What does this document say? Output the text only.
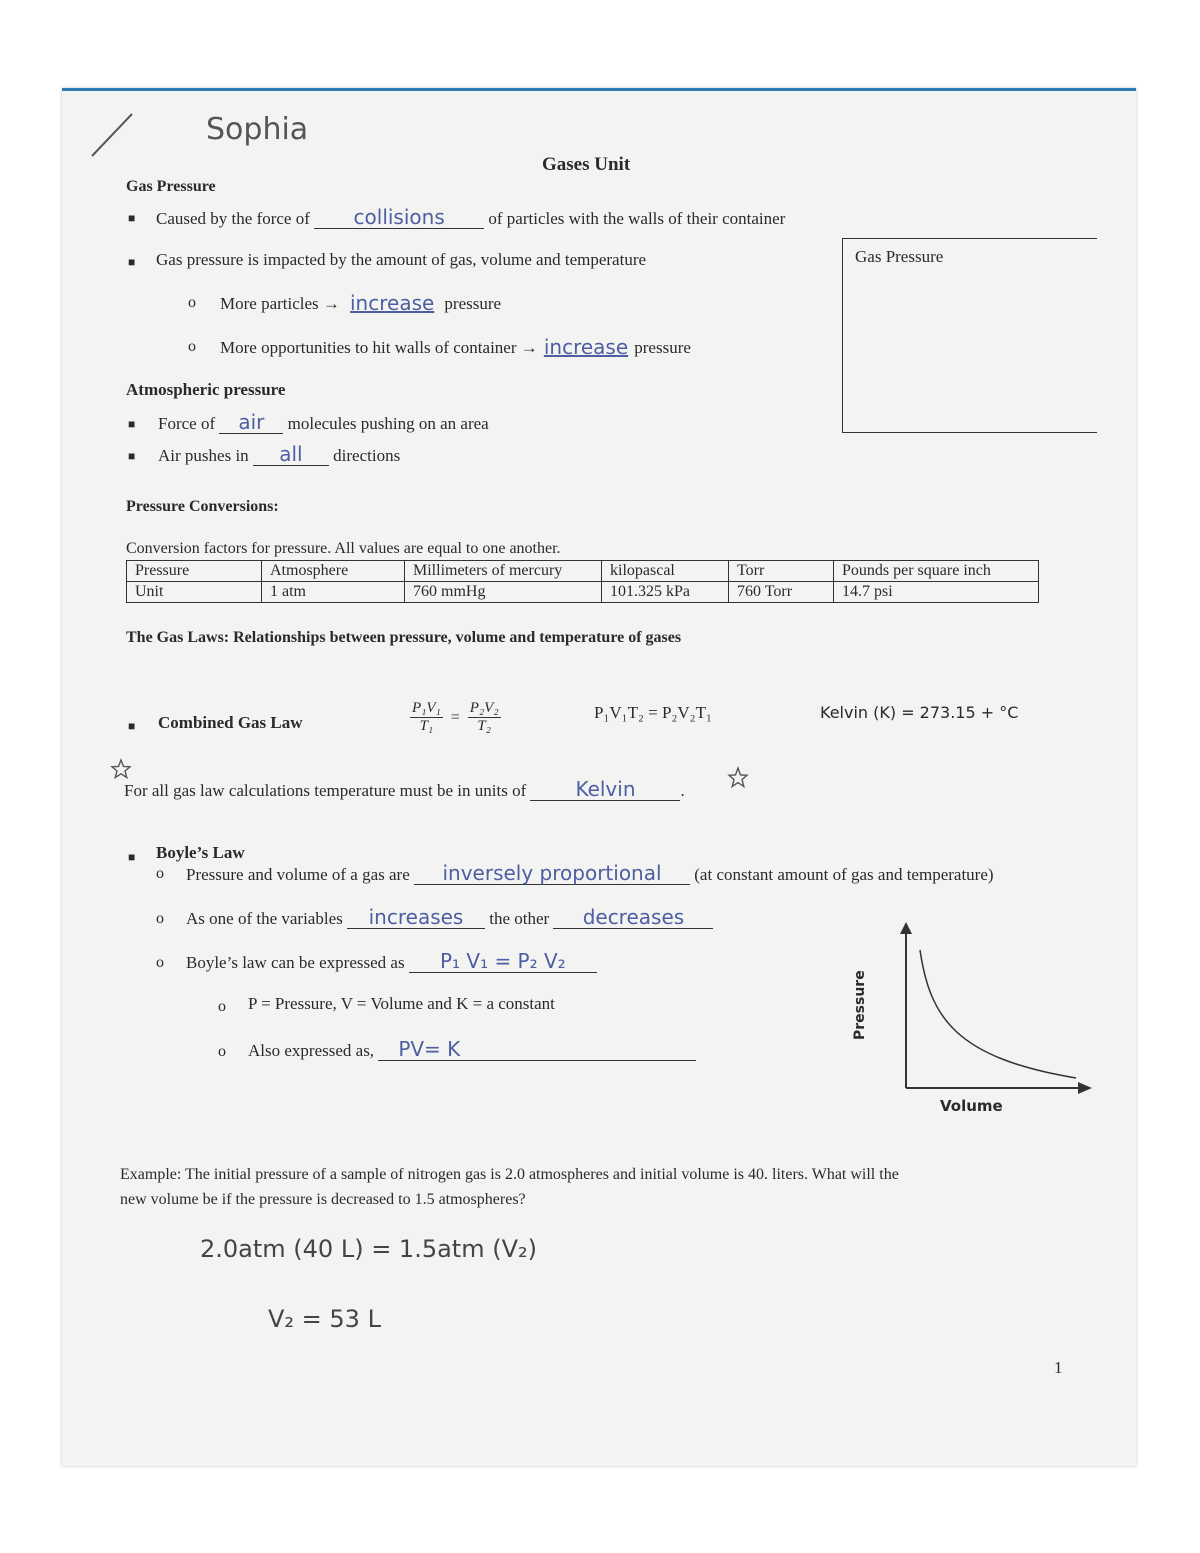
Sophia
Gases Unit
Gas Pressure
■ Caused by the force of collisions	of particles with the walls of their container
■ Gas pressure is impacted by the amount of gas, volume and temperature
o More particles → increase pressure
o More opportunities to hit walls of container → increase pressure
Gas Pressure
Atmospheric pressure
■ Force of air molecules pushing on an area
■ Air pushes in all directions
Pressure Conversions:
Conversion factors for pressure. All values are equal to one another.
Pressure	Atmosphere	Millimeters of mercury	kilopascal	Torr	Pounds per square inch
Unit	1 atm	760 mmHg	101.325 kPa	760 Torr	14.7 psi
The Gas Laws: Relationships between pressure, volume and temperature of gases
■ Combined Gas Law	$\frac{\text{P₁V₁}}{\text{T₁}} = \frac{\text{P₂V₂}}{\text{T₂}}$	P₁V₁T₂ = P₂V₂T₁	Kelvin (K) = 273.15 + °C
For all gas law calculations temperature must be in units of Kelvin	.
■ Boyle’s Law
o Pressure and volume of a gas are inversely proportional (at constant amount of gas and temperature)
o As one of the variables increases the other decreases
o Boyle’s law can be expressed as P₁ V₁ = P₂ V₂
o P = Pressure, V = Volume and K = a constant
o Also expressed as, PV= K
Pressure
Volume
Example: The initial pressure of a sample of nitrogen gas is 2.0 atmospheres and initial volume is 40. liters. What will the
new volume be if the pressure is decreased to 1.5 atmospheres?
2.0atm (40 L) = 1.5atm (V₂)
V₂ = 53 L
1
